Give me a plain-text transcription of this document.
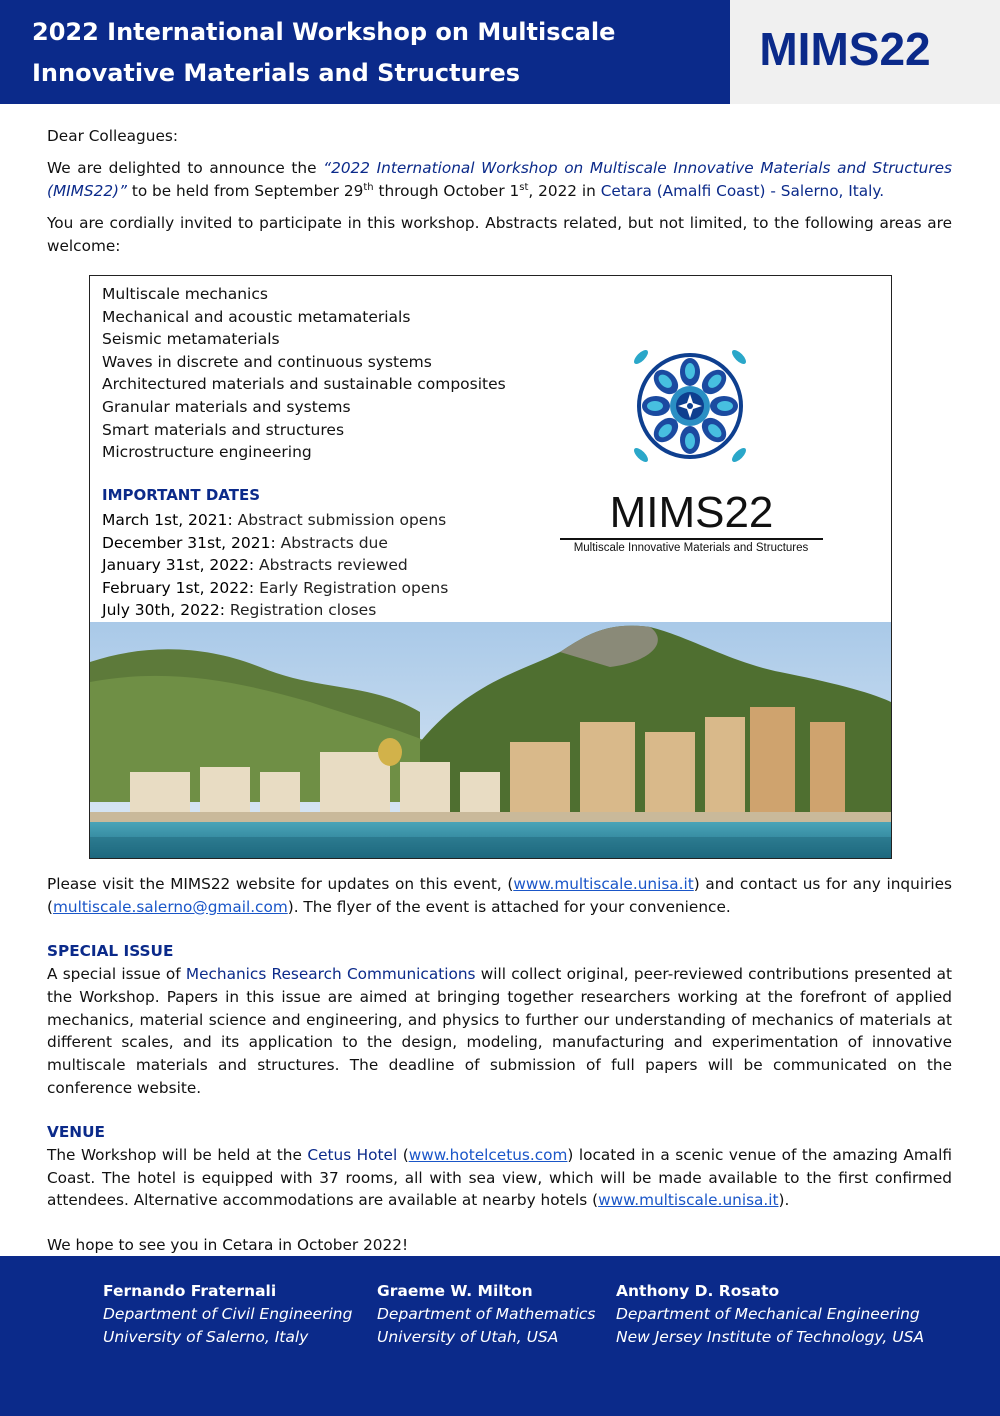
2022 International Workshop on Multiscale
Innovative Materials and Structures	MIMS22

Dear Colleagues:

We are delighted to announce the “2022 International Workshop on Multiscale Innovative Materials and Structures (MIMS22)” to be held from September 29th through October 1st, 2022 in Cetara (Amalfi Coast) - Salerno, Italy.

You are cordially invited to participate in this workshop. Abstracts related, but not limited, to the following areas are welcome:

Multiscale mechanics
Mechanical and acoustic metamaterials
Seismic metamaterials
Waves in discrete and continuous systems
Architectured materials and sustainable composites
Granular materials and systems
Smart materials and structures
Microstructure engineering
IMPORTANT DATES
March 1st, 2021: Abstract submission opens
December 31st, 2021: Abstracts due
January 31st, 2022: Abstracts reviewed
February 1st, 2022: Early Registration opens
July 30th, 2022: Registration closes
MIMS22
Multiscale Innovative Materials and Structures

Please visit the MIMS22 website for updates on this event, (www.multiscale.unisa.it) and contact us for any inquiries (multiscale.salerno@gmail.com). The flyer of the event is attached for your convenience.

SPECIAL ISSUE

A special issue of Mechanics Research Communications will collect original, peer-reviewed contributions presented at the Workshop. Papers in this issue are aimed at bringing together researchers working at the forefront of applied mechanics, material science and engineering, and physics to further our understanding of mechanics of materials at different scales, and its application to the design, modeling, manufacturing and experimentation of innovative multiscale materials and structures. The deadline of submission of full papers will be communicated on the conference website.

VENUE

The Workshop will be held at the Cetus Hotel (www.hotelcetus.com) located in a scenic venue of the amazing Amalfi Coast. The hotel is equipped with 37 rooms, all with sea view, which will be made available to the first confirmed attendees. Alternative accommodations are available at nearby hotels (www.multiscale.unisa.it).

We hope to see you in Cetara in October 2022!

Fernando Fraternali
Department of Civil Engineering
University of Salerno, Italy
Graeme W. Milton
Department of Mathematics
University of Utah, USA
Anthony D. Rosato
Department of Mechanical Engineering
New Jersey Institute of Technology, USA
